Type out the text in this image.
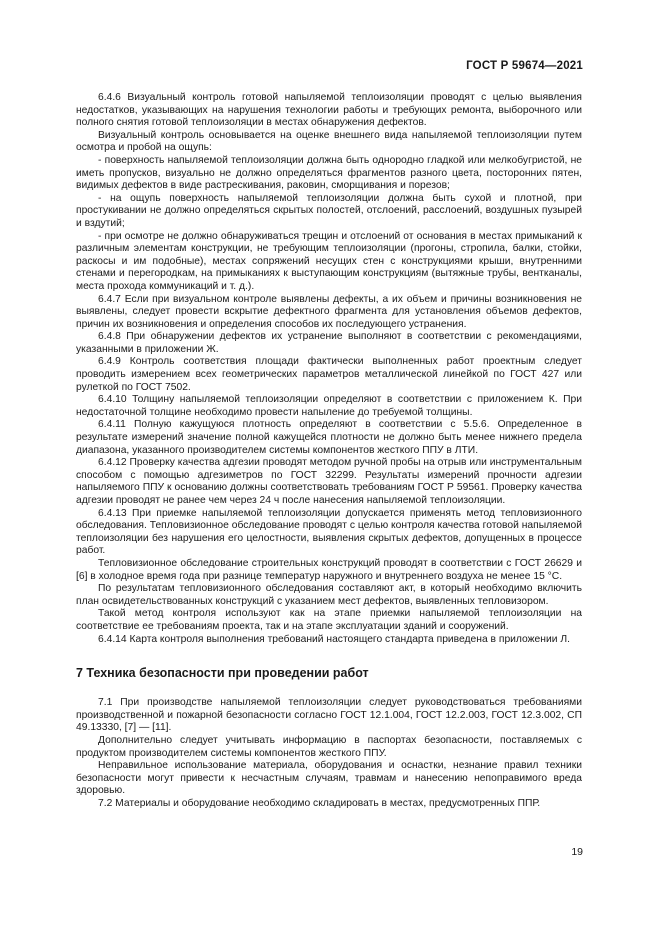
ГОСТ Р 59674—2021

6.4.6 Визуальный контроль готовой напыляемой теплоизоляции проводят с целью выявления недостатков, указывающих на нарушения технологии работы и требующих ремонта, выборочного или полного снятия готовой теплоизоляции в местах обнаружения дефектов.

Визуальный контроль основывается на оценке внешнего вида напыляемой теплоизоляции путем осмотра и пробой на ощупь:

- поверхность напыляемой теплоизоляции должна быть однородно гладкой или мелкобугристой, не иметь пропусков, визуально не должно определяться фрагментов разного цвета, посторонних пятен, видимых дефектов в виде растрескивания, раковин, сморщивания и порезов;

- на ощупь поверхность напыляемой теплоизоляции должна быть сухой и плотной, при простукивании не должно определяться скрытых полостей, отслоений, расслоений, воздушных пузырей и вздутий;

- при осмотре не должно обнаруживаться трещин и отслоений от основания в местах примыканий к различным элементам конструкции, не требующим теплоизоляции (прогоны, стропила, балки, стойки, раскосы и им подобные), местах сопряжений несущих стен с конструкциями крыши, внутренними стенами и перегородкам, на примыканиях к выступающим конструкциям (вытяжные трубы, вентканалы, места прохода коммуникаций и т. д.).

6.4.7 Если при визуальном контроле выявлены дефекты, а их объем и причины возникновения не выявлены, следует провести вскрытие дефектного фрагмента для установления объемов дефектов, причин их возникновения и определения способов их последующего устранения.

6.4.8 При обнаружении дефектов их устранение выполняют в соответствии с рекомендациями, указанными в приложении Ж.

6.4.9 Контроль соответствия площади фактически выполненных работ проектным следует проводить измерением всех геометрических параметров металлической линейкой по ГОСТ 427 или рулеткой по ГОСТ 7502.

6.4.10 Толщину напыляемой теплоизоляции определяют в соответствии с приложением К. При недостаточной толщине необходимо провести напыление до требуемой толщины.

6.4.11 Полную кажущуюся плотность определяют в соответствии с 5.5.6. Определенное в результате измерений значение полной кажущейся плотности не должно быть менее нижнего предела диапазона, указанного производителем системы компонентов жесткого ППУ в ЛТИ.

6.4.12 Проверку качества адгезии проводят методом ручной пробы на отрыв или инструментальным способом с помощью адгезиметров по ГОСТ 32299. Результаты измерений прочности адгезии напыляемого ППУ к основанию должны соответствовать требованиям ГОСТ Р 59561. Проверку качества адгезии проводят не ранее чем через 24 ч после нанесения напыляемой теплоизоляции.

6.4.13 При приемке напыляемой теплоизоляции допускается применять метод тепловизионного обследования. Тепловизионное обследование проводят с целью контроля качества готовой напыляемой теплоизоляции без нарушения его целостности, выявления скрытых дефектов, допущенных в процессе работ.

Тепловизионное обследование строительных конструкций проводят в соответствии с ГОСТ 26629 и [6] в холодное время года при разнице температур наружного и внутреннего воздуха не менее 15 °С.

По результатам тепловизионного обследования составляют акт, в который необходимо включить план освидетельствованных конструкций с указанием мест дефектов, выявленных тепловизором.

Такой метод контроля используют как на этапе приемки напыляемой теплоизоляции на соответствие ее требованиям проекта, так и на этапе эксплуатации зданий и сооружений.

6.4.14 Карта контроля выполнения требований настоящего стандарта приведена в приложении Л.

7 Техника безопасности при проведении работ

7.1 При производстве напыляемой теплоизоляции следует руководствоваться требованиями производственной и пожарной безопасности согласно ГОСТ 12.1.004, ГОСТ 12.2.003, ГОСТ 12.3.002, СП 49.13330, [7] — [11].

Дополнительно следует учитывать информацию в паспортах безопасности, поставляемых с продуктом производителем системы компонентов жесткого ППУ.

Неправильное использование материала, оборудования и оснастки, незнание правил техники безопасности могут привести к несчастным случаям, травмам и нанесению непоправимого вреда здоровью.

7.2 Материалы и оборудование необходимо складировать в местах, предусмотренных ППР.

19
